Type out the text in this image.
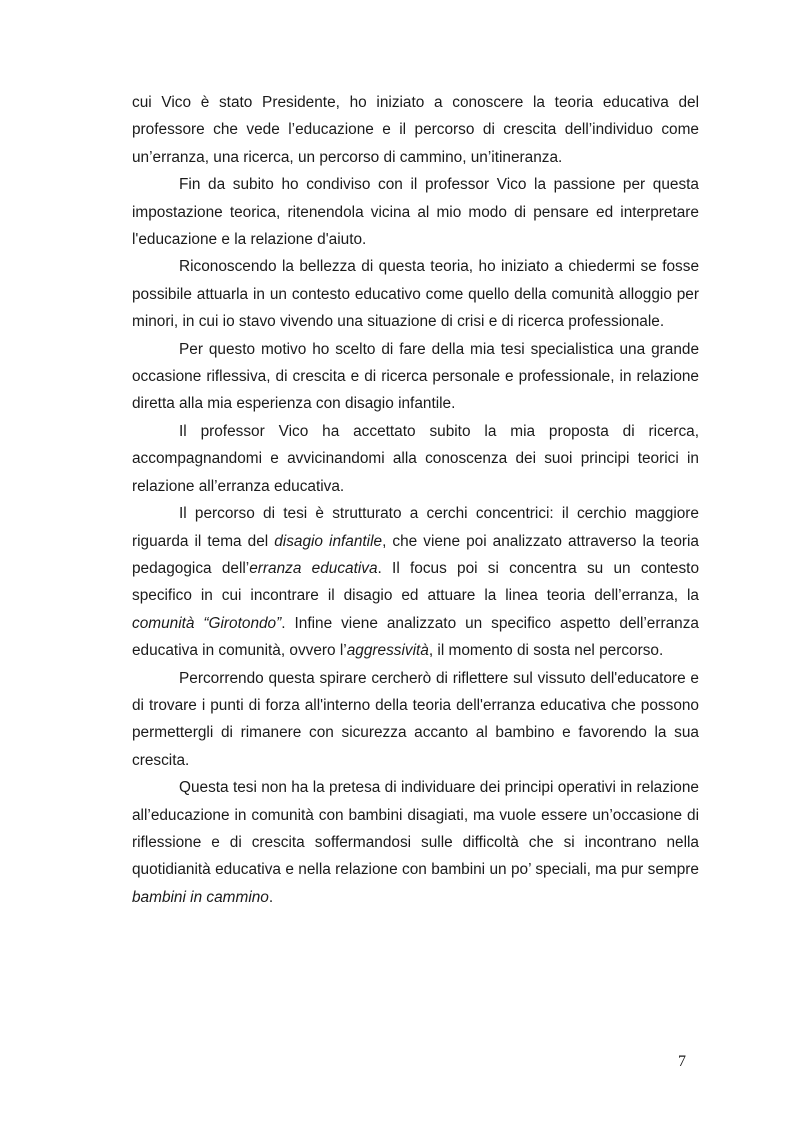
cui Vico è stato Presidente, ho iniziato a conoscere la teoria educativa del professore che vede l’educazione e il percorso di crescita dell’individuo come un’erranza, una ricerca, un percorso di cammino, un’itineranza.

Fin da subito ho condiviso con il professor Vico la passione per questa impostazione teorica, ritenendola vicina al mio modo di pensare ed interpretare l'educazione e la relazione d'aiuto.

Riconoscendo la bellezza di questa teoria, ho iniziato a chiedermi se fosse possibile attuarla in un contesto educativo come quello della comunità alloggio per minori, in cui io stavo vivendo una situazione di crisi e di ricerca professionale.

Per questo motivo ho scelto di fare della mia tesi specialistica una grande occasione riflessiva, di crescita e di ricerca personale e professionale, in relazione diretta alla mia esperienza con disagio infantile.

Il professor Vico ha accettato subito la mia proposta di ricerca, accompagnandomi e avvicinandomi alla conoscenza dei suoi principi teorici in relazione all’erranza educativa.

Il percorso di tesi è strutturato a cerchi concentrici: il cerchio maggiore riguarda il tema del disagio infantile, che viene poi analizzato attraverso la teoria pedagogica dell’erranza educativa. Il focus poi si concentra su un contesto specifico in cui incontrare il disagio ed attuare la linea teoria dell’erranza, la comunità “Girotondo”. Infine viene analizzato un specifico aspetto dell’erranza educativa in comunità, ovvero l’aggressività, il momento di sosta nel percorso.

Percorrendo questa spirare cercherò di riflettere sul vissuto dell'educatore e di trovare i punti di forza all'interno della teoria dell'erranza educativa che possono permettergli di rimanere con sicurezza accanto al bambino e favorendo la sua crescita.

Questa tesi non ha la pretesa di individuare dei principi operativi in relazione all’educazione in comunità con bambini disagiati, ma vuole essere un’occasione di riflessione e di crescita soffermandosi sulle difficoltà che si incontrano nella quotidianità educativa e nella relazione con bambini un po’ speciali, ma pur sempre bambini in cammino.

7
